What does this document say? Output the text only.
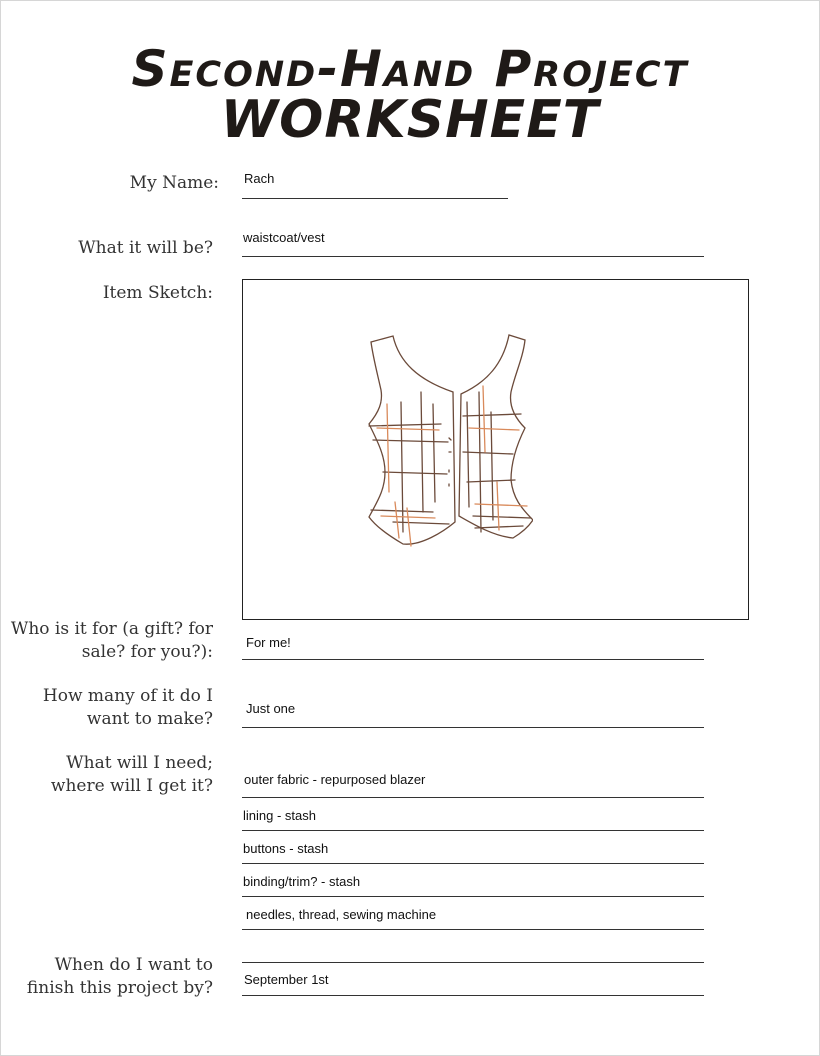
Second-Hand Project
WORKSHEET
My Name: Rach
What it will be?
waistcoat/vest
Item Sketch:
Who is it for (a gift? for
sale? for you?):	For me!
How many of it do I
want to make?
Just one
What will I need;
where will I get it? outer fabric - repurposed blazer
lining - stash
buttons - stash
binding/trim? - stash
needles, thread, sewing machine
When do I want to
finish this project by? September 1st
